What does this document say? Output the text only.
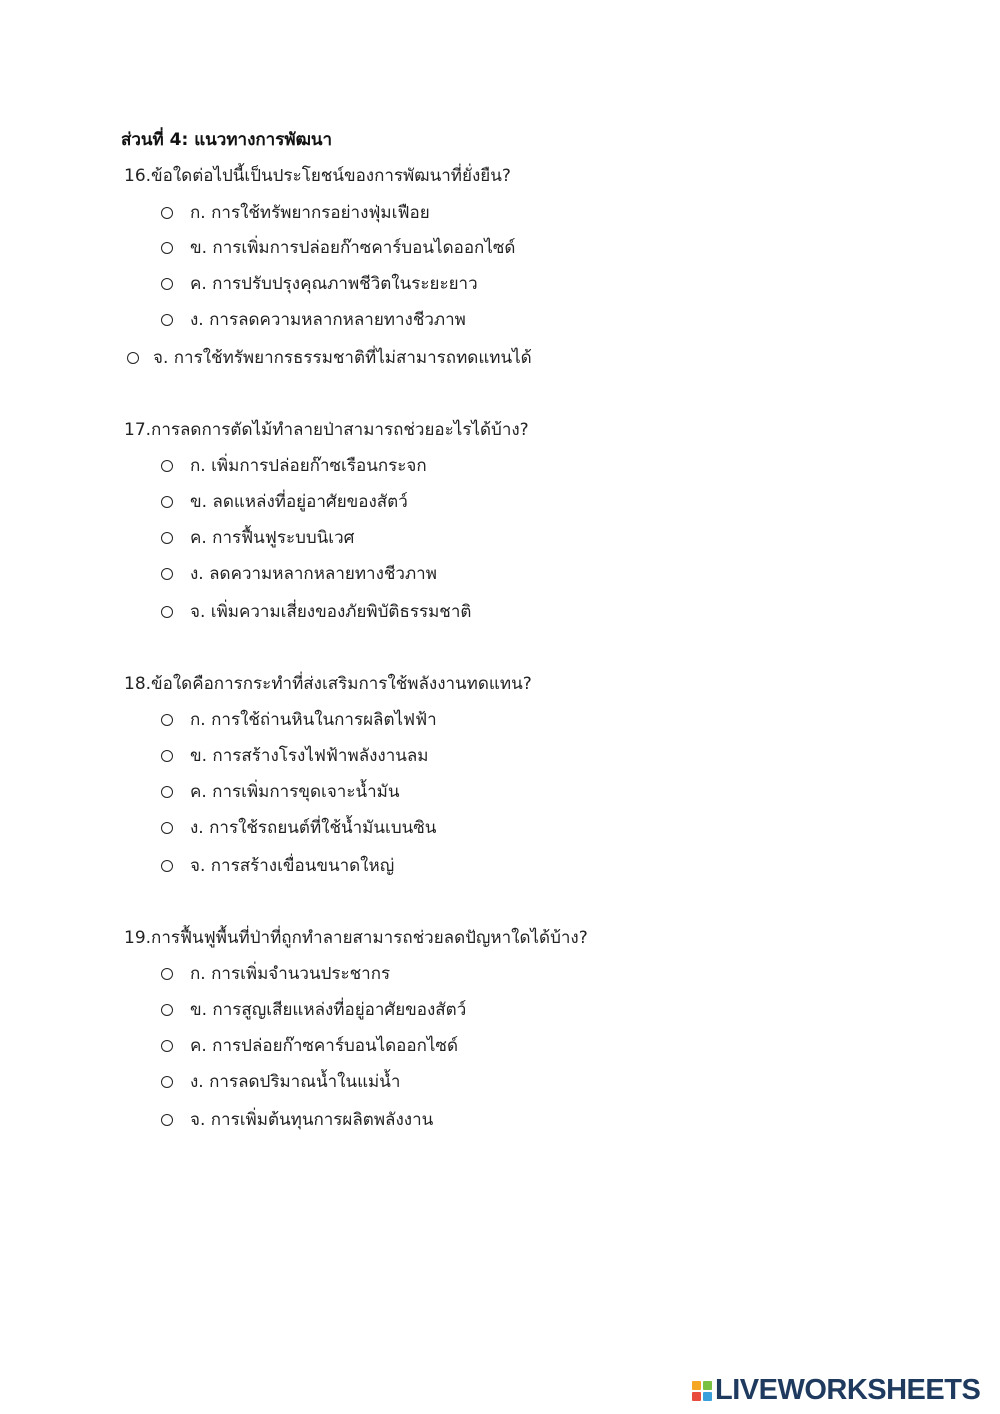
ส่วนที่ 4: แนวทางการพัฒนา
16.ข้อใดต่อไปนี้เป็นประโยชน์ของการพัฒนาที่ยั่งยืน?
ก. การใช้ทรัพยากรอย่างฟุ่มเฟือย
ข. การเพิ่มการปล่อยก๊าซคาร์บอนไดออกไซด์
ค. การปรับปรุงคุณภาพชีวิตในระยะยาว
ง. การลดความหลากหลายทางชีวภาพ
จ. การใช้ทรัพยากรธรรมชาติที่ไม่สามารถทดแทนได้
17.การลดการตัดไม้ทำลายป่าสามารถช่วยอะไรได้บ้าง?
ก. เพิ่มการปล่อยก๊าซเรือนกระจก
ข. ลดแหล่งที่อยู่อาศัยของสัตว์
ค. การฟื้นฟูระบบนิเวศ
ง. ลดความหลากหลายทางชีวภาพ
จ. เพิ่มความเสี่ยงของภัยพิบัติธรรมชาติ
18.ข้อใดคือการกระทำที่ส่งเสริมการใช้พลังงานทดแทน?
ก. การใช้ถ่านหินในการผลิตไฟฟ้า
ข. การสร้างโรงไฟฟ้าพลังงานลม
ค. การเพิ่มการขุดเจาะน้ำมัน
ง. การใช้รถยนต์ที่ใช้น้ำมันเบนซิน
จ. การสร้างเขื่อนขนาดใหญ่
19.การฟื้นฟูพื้นที่ป่าที่ถูกทำลายสามารถช่วยลดปัญหาใดได้บ้าง?
ก. การเพิ่มจำนวนประชากร
ข. การสูญเสียแหล่งที่อยู่อาศัยของสัตว์
ค. การปล่อยก๊าซคาร์บอนไดออกไซด์
ง. การลดปริมาณน้ำในแม่น้ำ
จ. การเพิ่มต้นทุนการผลิตพลังงาน
LIVEWORKSHEETS
